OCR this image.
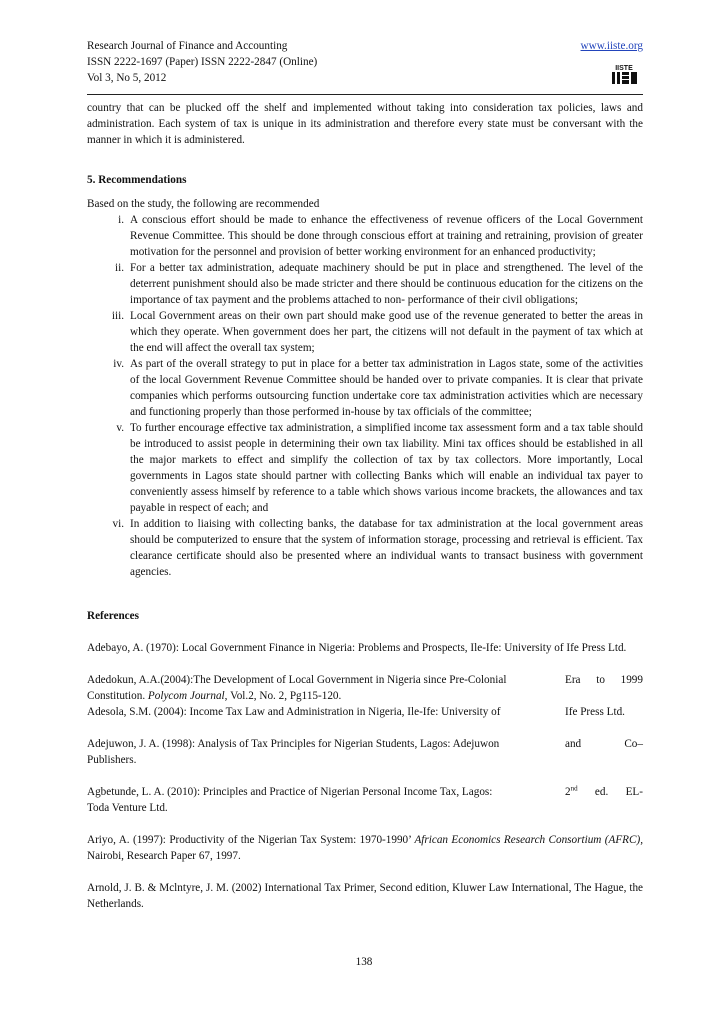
Research Journal of Finance and Accounting
ISSN 2222-1697 (Paper) ISSN 2222-2847 (Online)
Vol 3, No 5, 2012
www.iiste.org
IISTE

country that can be plucked off the shelf and implemented without taking into consideration tax policies, laws and administration. Each system of tax is unique in its administration and therefore every state must be conversant with the manner in which it is administered.

5. Recommendations

Based on the study, the following are recommended

i. A conscious effort should be made to enhance the effectiveness of revenue officers of the Local Government Revenue Committee. This should be done through conscious effort at training and retraining, provision of greater motivation for the personnel and provision of better working environment for an enhanced productivity;
ii. For a better tax administration, adequate machinery should be put in place and strengthened. The level of the deterrent punishment should also be made stricter and there should be continuous education for the citizens on the importance of tax payment and the problems attached to non- performance of their civil obligations;
iii. Local Government areas on their own part should make good use of the revenue generated to better the areas in which they operate. When government does her part, the citizens will not default in the payment of tax which at the end will affect the overall tax system;
iv. As part of the overall strategy to put in place for a better tax administration in Lagos state, some of the activities of the local Government Revenue Committee should be handed over to private companies. It is clear that private companies which performs outsourcing function undertake core tax administration activities which are necessary and functioning properly than those performed in-house by tax officials of the committee;
v. To further encourage effective tax administration, a simplified income tax assessment form and a tax table should be introduced to assist people in determining their own tax liability. Mini tax offices should be established in all the major markets to effect and simplify the collection of tax by tax collectors. More importantly, Local governments in Lagos state should partner with collecting Banks which will enable an individual tax payer to conveniently assess himself by reference to a table which shows various income brackets, the allowances and tax payable in respect of each; and
vi. In addition to liaising with collecting banks, the database for tax administration at the local government areas should be computerized to ensure that the system of information storage, processing and retrieval is efficient. Tax clearance certificate should also be presented where an individual wants to transact business with government agencies.
References

Adebayo, A. (1970): Local Government Finance in Nigeria: Problems and Prospects, Ile-Ife: University of Ife Press Ltd.

Adedokun, A.A.(2004):The Development of Local Government in Nigeria since Pre-Colonial	Era to 1999
Constitution. Polycom Journal, Vol.2, No. 2, Pg115-120.
Adesola, S.M. (2004): Income Tax Law and Administration in Nigeria, Ile-Ife: University of	Ife Press Ltd.
Adejuwon, J. A. (1998): Analysis of Tax Principles for Nigerian Students, Lagos: Adejuwon	and	Co–
Publishers.
Agbetunde, L. A. (2010): Principles and Practice of Nigerian Personal Income Tax, Lagos:	2nd ed. EL-
Toda Venture Ltd.

Ariyo, A. (1997): Productivity of the Nigerian Tax System: 1970-1990’ African Economics Research Consortium (AFRC), Nairobi, Research Paper 67, 1997.

Arnold, J. B. & Mclntyre, J. M. (2002) International Tax Primer, Second edition, Kluwer Law International, The Hague, the Netherlands.

138
